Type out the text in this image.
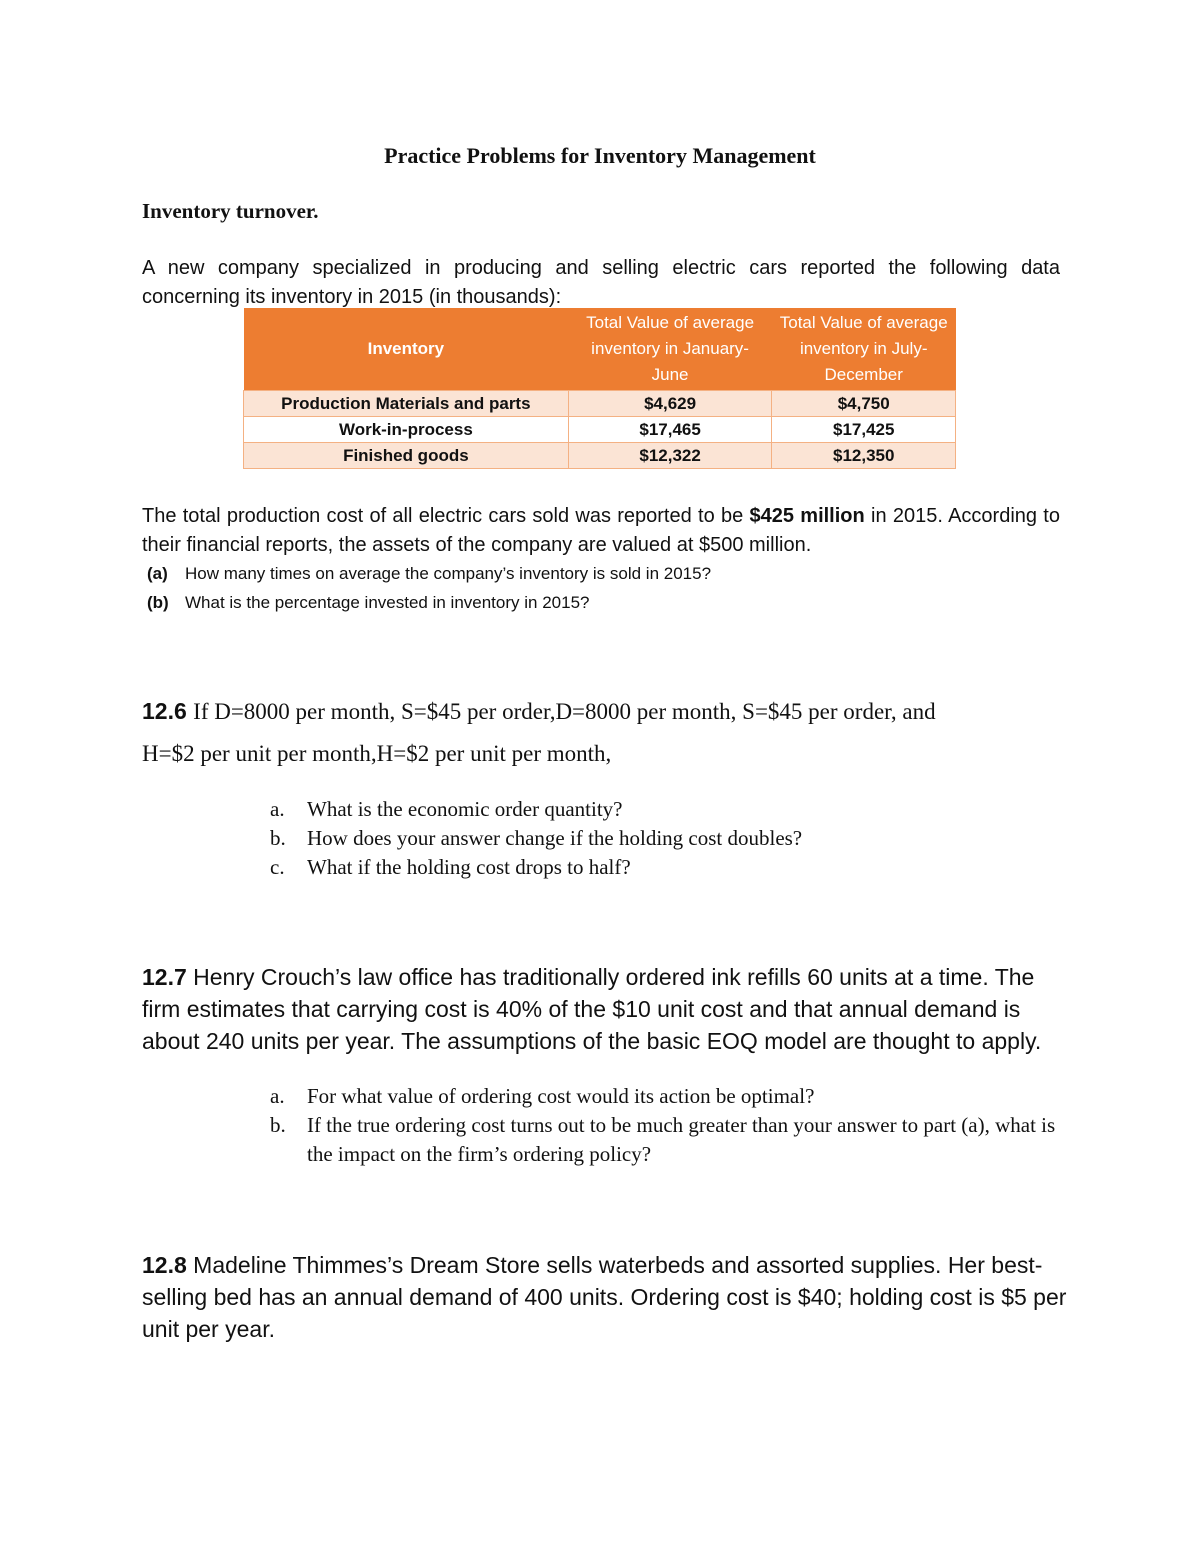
Practice Problems for Inventory Management
Inventory turnover.
A new company specialized in producing and selling electric cars reported the following data concerning its inventory in 2015 (in thousands):
Inventory	Total Value of average inventory in January-June	Total Value of average inventory in July-December
Production Materials and parts	$4,629	$4,750
Work-in-process	$17,465	$17,425
Finished goods	$12,322	$12,350
The total production cost of all electric cars sold was reported to be $425 million in 2015. According to their financial reports, the assets of the company are valued at $500 million.
(a) How many times on average the company’s inventory is sold in 2015?
(b) What is the percentage invested in inventory in 2015?
12.6 If D=8000 per month, S=$45 per order,D=8000 per month, S=$45 per order, and
H=$2 per unit per month,H=$2 per unit per month,
a.	What is the economic order quantity?
b.	How does your answer change if the holding cost doubles?
c.	What if the holding cost drops to half?
12.7 Henry Crouch’s law office has traditionally ordered ink refills 60 units at a time. The firm estimates that carrying cost is 40% of the $10 unit cost and that annual demand is about 240 units per year. The assumptions of the basic EOQ model are thought to apply.
a.	For what value of ordering cost would its action be optimal?
b.	If the true ordering cost turns out to be much greater than your answer to part (a), what is the impact on the firm’s ordering policy?
12.8 Madeline Thimmes’s Dream Store sells waterbeds and assorted supplies. Her best-selling bed has an annual demand of 400 units. Ordering cost is $40; holding cost is $5 per unit per year.
